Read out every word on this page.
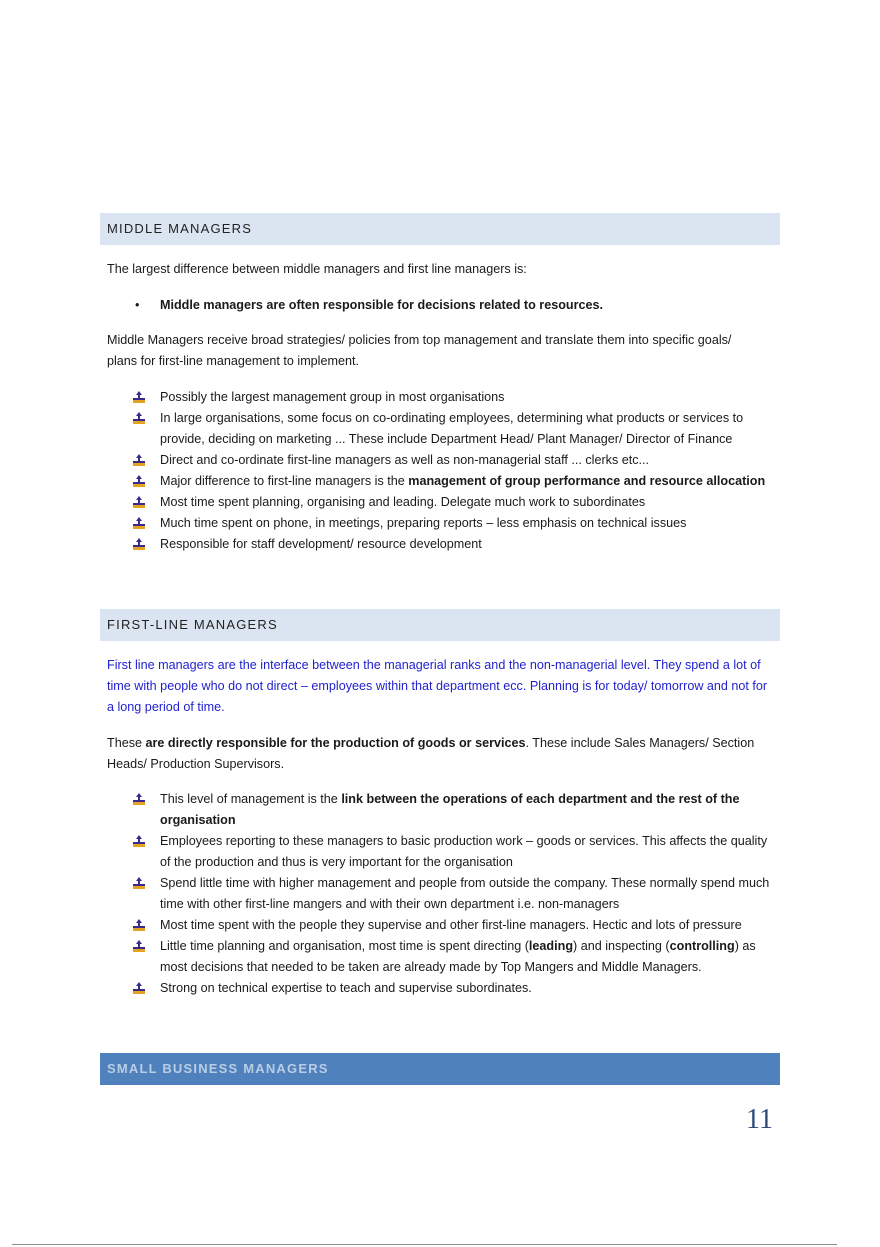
MIDDLE MANAGERS
The largest difference between middle managers and first line managers is:
• Middle managers are often responsible for decisions related to resources.
Middle Managers receive broad strategies/ policies from top management and translate them into specific goals/ plans for first-line management to implement.
Possibly the largest management group in most organisations
In large organisations, some focus on co-ordinating employees, determining what products or services to provide, deciding on marketing ... These include Department Head/ Plant Manager/ Director of Finance
Direct and co-ordinate first-line managers as well as non-managerial staff ... clerks etc...
Major difference to first-line managers is the management of group performance and resource allocation
Most time spent planning, organising and leading. Delegate much work to subordinates
Much time spent on phone, in meetings, preparing reports – less emphasis on technical issues
Responsible for staff development/ resource development
FIRST-LINE MANAGERS
First line managers are the interface between the managerial ranks and the non-managerial level. They spend a lot of time with people who do not direct – employees within that department ecc. Planning is for today/ tomorrow and not for a long period of time.
These are directly responsible for the production of goods or services. These include Sales Managers/ Section Heads/ Production Supervisors.
This level of management is the link between the operations of each department and the rest of the organisation
Employees reporting to these managers to basic production work – goods or services. This affects the quality of the production and thus is very important for the organisation
Spend little time with higher management and people from outside the company. These normally spend much time with other first-line mangers and with their own department i.e. non-managers
Most time spent with the people they supervise and other first-line managers. Hectic and lots of pressure
Little time planning and organisation, most time is spent directing (leading) and inspecting (controlling) as most decisions that needed to be taken are already made by Top Mangers and Middle Managers.
Strong on technical expertise to teach and supervise subordinates.
SMALL BUSINESS MANAGERS
11
